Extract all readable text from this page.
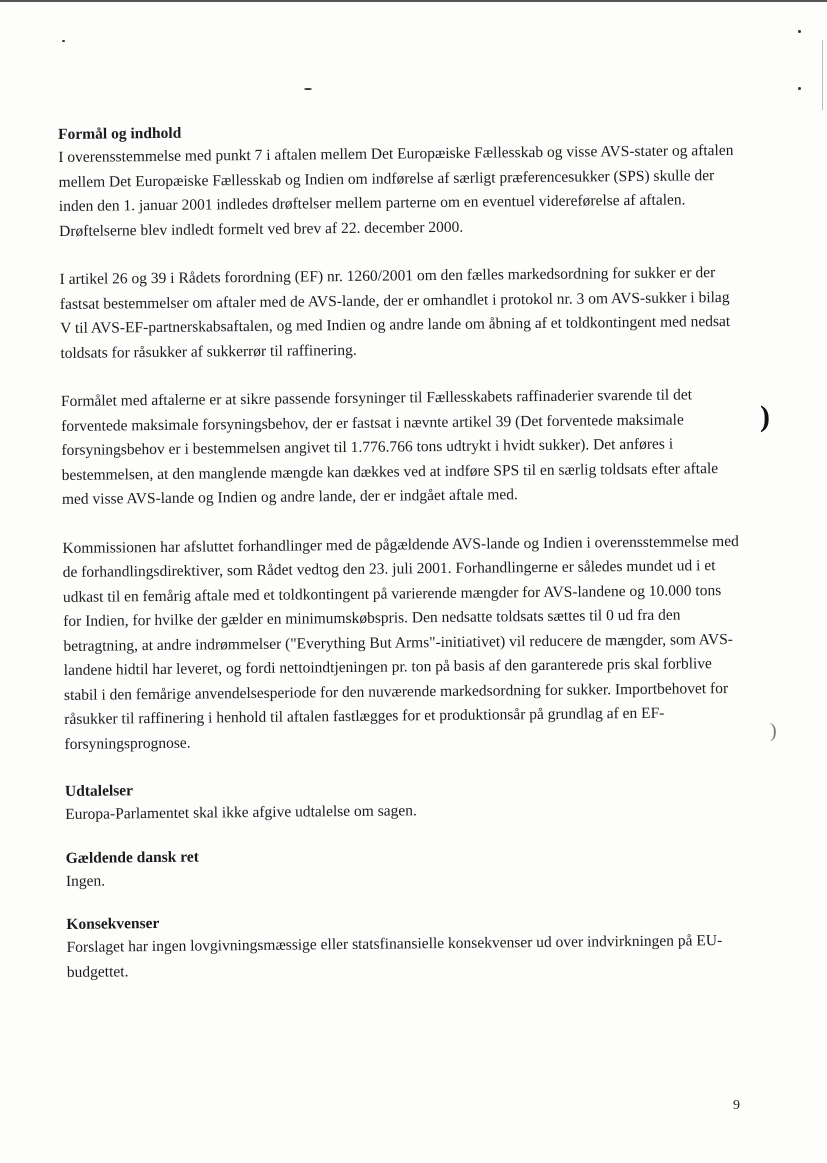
)
)
Formål og indhold

I overensstemmelse med punkt 7 i aftalen mellem Det Europæiske Fællesskab og visse AVS-stater og aftalen mellem Det Europæiske Fællesskab og Indien om indførelse af særligt præferencesukker (SPS) skulle der inden den 1. januar 2001 indledes drøftelser mellem parterne om en eventuel videreførelse af aftalen. Drøftelserne blev indledt formelt ved brev af 22. december 2000.

I artikel 26 og 39 i Rådets forordning (EF) nr. 1260/2001 om den fælles markedsordning for sukker er der fastsat bestemmelser om aftaler med de AVS-lande, der er omhandlet i protokol nr. 3 om AVS-sukker i bilag V til AVS-EF-partnerskabsaftalen, og med Indien og andre lande om åbning af et toldkontingent med nedsat toldsats for råsukker af sukkerrør til raffinering.

Formålet med aftalerne er at sikre passende forsyninger til Fællesskabets raffinaderier svarende til det forventede maksimale forsyningsbehov, der er fastsat i nævnte artikel 39 (Det forventede maksimale forsyningsbehov er i bestemmelsen angivet til 1.776.766 tons udtrykt i hvidt sukker). Det anføres i bestemmelsen, at den manglende mængde kan dækkes ved at indføre SPS til en særlig toldsats efter aftale med visse AVS-lande og Indien og andre lande, der er indgået aftale med.

Kommissionen har afsluttet forhandlinger med de pågældende AVS-lande og Indien i overensstemmelse med de forhandlingsdirektiver, som Rådet vedtog den 23. juli 2001. Forhandlingerne er således mundet ud i et udkast til en femårig aftale med et toldkontingent på varierende mængder for AVS-landene og 10.000 tons for Indien, for hvilke der gælder en minimumskøbspris. Den nedsatte toldsats sættes til 0 ud fra den betragtning, at andre indrømmelser ("Everything But Arms"-initiativet) vil reducere de mængder, som AVS-landene hidtil har leveret, og fordi nettoindtjeningen pr. ton på basis af den garanterede pris skal forblive stabil i den femårige anvendelsesperiode for den nuværende markedsordning for sukker. Importbehovet for råsukker til raffinering i henhold til aftalen fastlægges for et produktionsår på grundlag af en EF-forsyningsprognose.

Udtalelser

Europa-Parlamentet skal ikke afgive udtalelse om sagen.

Gældende dansk ret

Ingen.

Konsekvenser

Forslaget har ingen lovgivningsmæssige eller statsfinansielle konsekvenser ud over indvirkningen på EU-budgettet.

9
